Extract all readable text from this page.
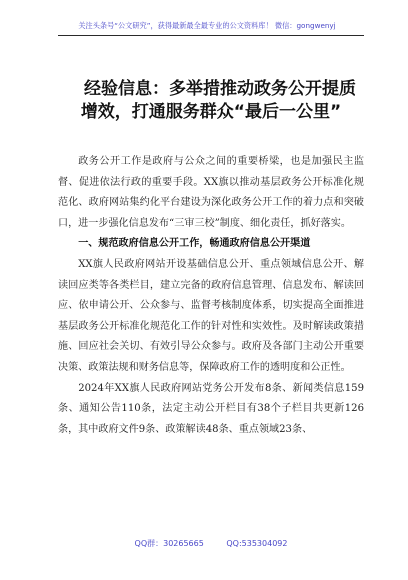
关注头条号“公文研究”，获得最新最全最专业的公文资料库！ 微信：gongwenyj
经验信息：多举措推动政务公开提质增效，打通服务群众“最后一公里”

政务公开工作是政府与公众之间的重要桥梁，也是加强民主监督、促进依法行政的重要手段。XX旗以推动基层政务公开标准化规范化、政府网站集约化平台建设为深化政务公开工作的着力点和突破口，进一步强化信息发布“三审三校”制度、细化责任，抓好落实。

一、规范政府信息公开工作，畅通政府信息公开渠道

XX旗人民政府网站开设基础信息公开、重点领域信息公开、解读回应类等各类栏目，建立完备的政府信息管理、信息发布、解读回应、依申请公开、公众参与、监督考核制度体系，切实提高全面推进基层政务公开标准化规范化工作的针对性和实效性。及时解读政策措施、回应社会关切、有效引导公众参与。政府及各部门主动公开重要决策、政策法规和财务信息等，保障政府工作的透明度和公正性。

2024年XX旗人民政府网站党务公开发布8条、新闻类信息159条、通知公告110条，法定主动公开栏目有38个子栏目共更新126条，其中政府文件9条、政策解读48条、重点领域23条、

QQ群：30265665	QQ:535304092
